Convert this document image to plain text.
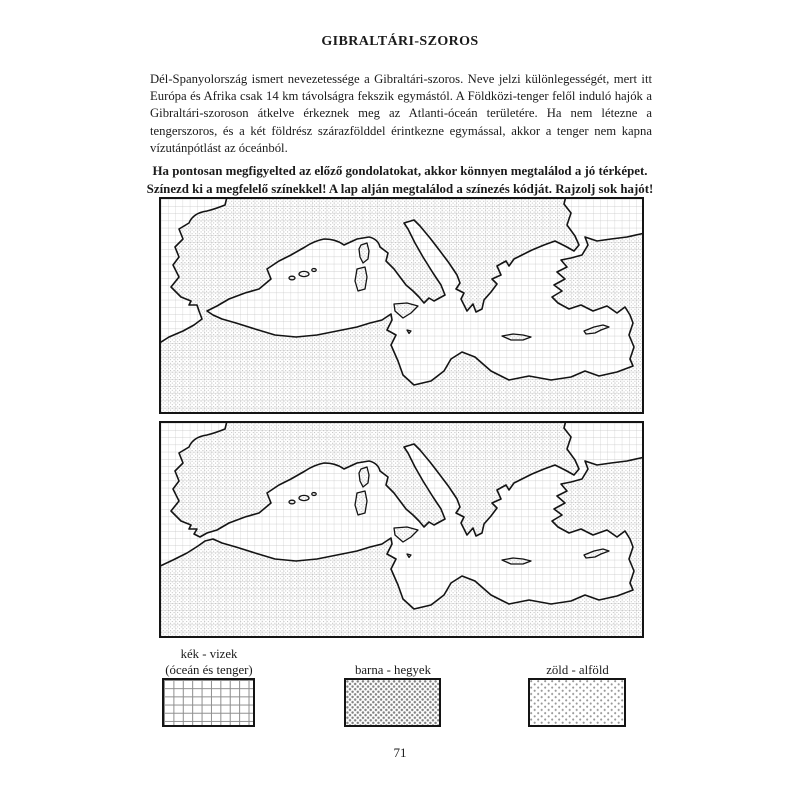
GIBRALTÁRI-SZOROS
Dél-Spanyolország ismert nevezetessége a Gibraltári-szoros. Neve jelzi különlegességét, mert itt Európa és Afrika csak 14 km távolságra fekszik egymástól. A Földközi-tenger felől induló hajók a Gibraltári-szoroson átkelve érkeznek meg az Atlanti-óceán területére. Ha nem létezne a tengerszoros, és a két földrész szárazfölddel érintkezne egymással, akkor a tenger nem kapna vízutánpótlást az óceánból.
Ha pontosan megfigyelted az előző gondolatokat, akkor könnyen megtalálod a jó térképet.
Színezd ki a megfelelő színekkel! A lap alján megtalálod a színezés kódját. Rajzolj sok hajót!
kék - vizek
(óceán és tenger)	barna - hegyek	zöld - alföld
71
